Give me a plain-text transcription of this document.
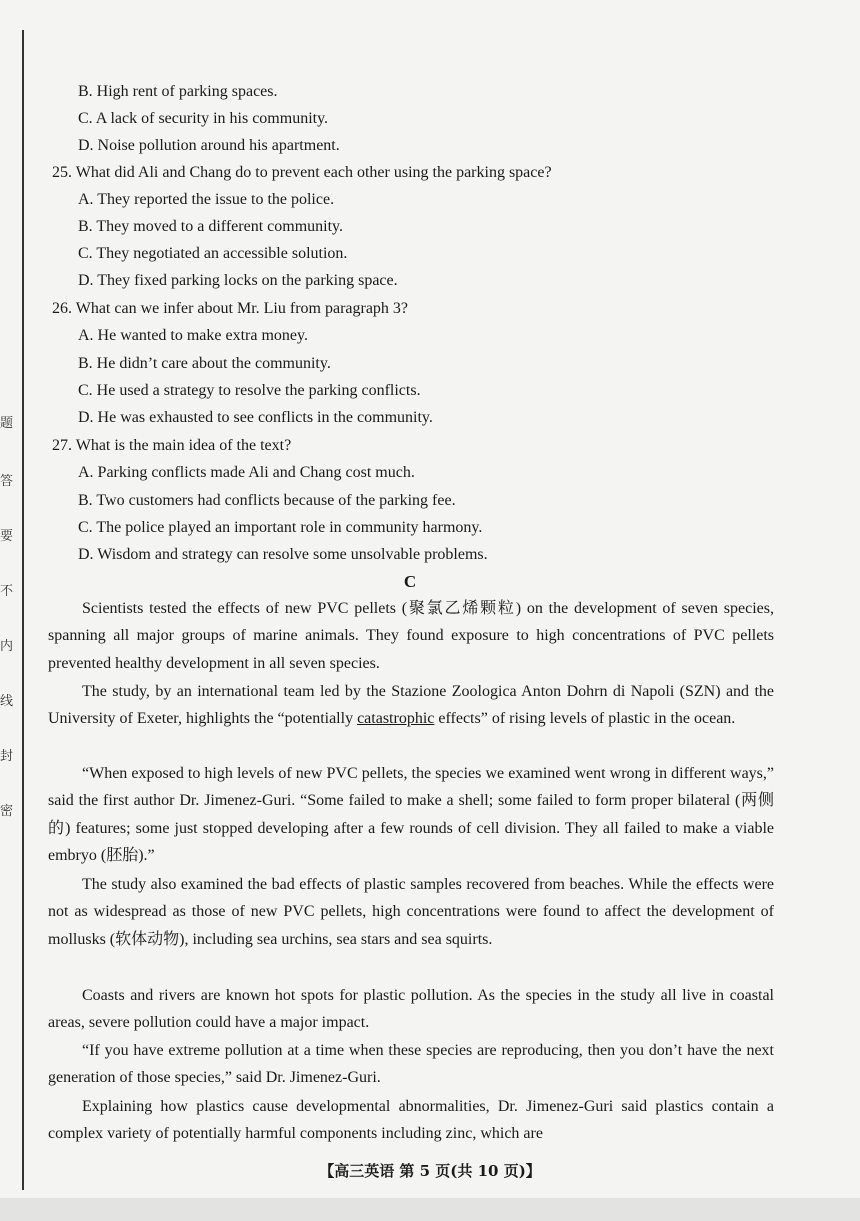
题
答
要
不
内
线
封
密
B. High rent of parking spaces.
C. A lack of security in his community.
D. Noise pollution around his apartment.
25. What did Ali and Chang do to prevent each other using the parking space?
A. They reported the issue to the police.
B. They moved to a different community.
C. They negotiated an accessible solution.
D. They fixed parking locks on the parking space.
26. What can we infer about Mr. Liu from paragraph 3?
A. He wanted to make extra money.
B. He didn’t care about the community.
C. He used a strategy to resolve the parking conflicts.
D. He was exhausted to see conflicts in the community.
27. What is the main idea of the text?
A. Parking conflicts made Ali and Chang cost much.
B. Two customers had conflicts because of the parking fee.
C. The police played an important role in community harmony.
D. Wisdom and strategy can resolve some unsolvable problems.
C
Scientists tested the effects of new PVC pellets (聚氯乙烯颗粒) on the development of seven species, spanning all major groups of marine animals. They found exposure to high concentrations of PVC pellets prevented healthy development in all seven species.
The study, by an international team led by the Stazione Zoologica Anton Dohrn di Napoli (SZN) and the University of Exeter, highlights the “potentially catastrophic effects” of rising levels of plastic in the ocean.
“When exposed to high levels of new PVC pellets, the species we examined went wrong in different ways,” said the first author Dr. Jimenez-Guri. “Some failed to make a shell; some failed to form proper bilateral (两侧的) features; some just stopped developing after a few rounds of cell division. They all failed to make a viable embryo (胚胎).”
The study also examined the bad effects of plastic samples recovered from beaches. While the effects were not as widespread as those of new PVC pellets, high concentrations were found to affect the development of mollusks (软体动物), including sea urchins, sea stars and sea squirts.
Coasts and rivers are known hot spots for plastic pollution. As the species in the study all live in coastal areas, severe pollution could have a major impact.
“If you have extreme pollution at a time when these species are reproducing, then you don’t have the next generation of those species,” said Dr. Jimenez-Guri.
Explaining how plastics cause developmental abnormalities, Dr. Jimenez-Guri said plastics contain a complex variety of potentially harmful components including zinc, which are
【高三英语 第 5 页(共 10 页)】
